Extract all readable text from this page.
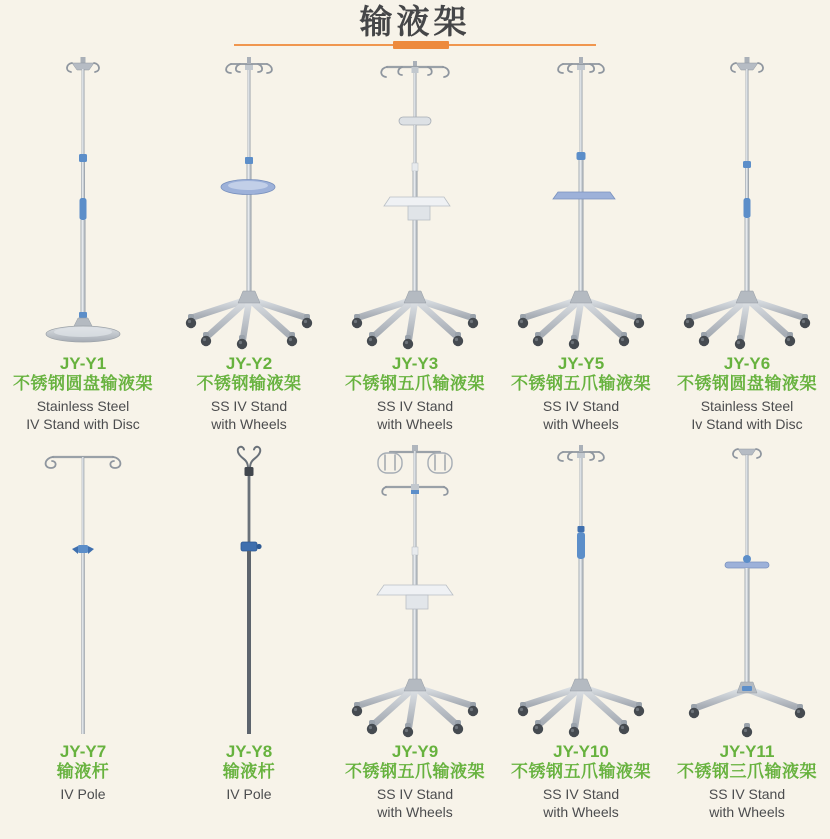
输液架
JY-Y1
不锈钢圆盘输液架
Stainless Steel
IV Stand with Disc
JY-Y2
不锈钢输液架
SS IV Stand
with Wheels
JY-Y3
不锈钢五爪输液架
SS IV Stand
with Wheels
JY-Y5
不锈钢五爪输液架
SS IV Stand
with Wheels
JY-Y6
不锈钢圆盘输液架
Stainless Steel
Iv Stand with Disc
JY-Y7
输液杆
IV Pole
JY-Y8
输液杆
IV Pole
JY-Y9
不锈钢五爪输液架
SS IV Stand
with Wheels
JY-Y10
不锈钢五爪输液架
SS IV Stand
with Wheels
JY-Y11
不锈钢三爪输液架
SS IV Stand
with Wheels
